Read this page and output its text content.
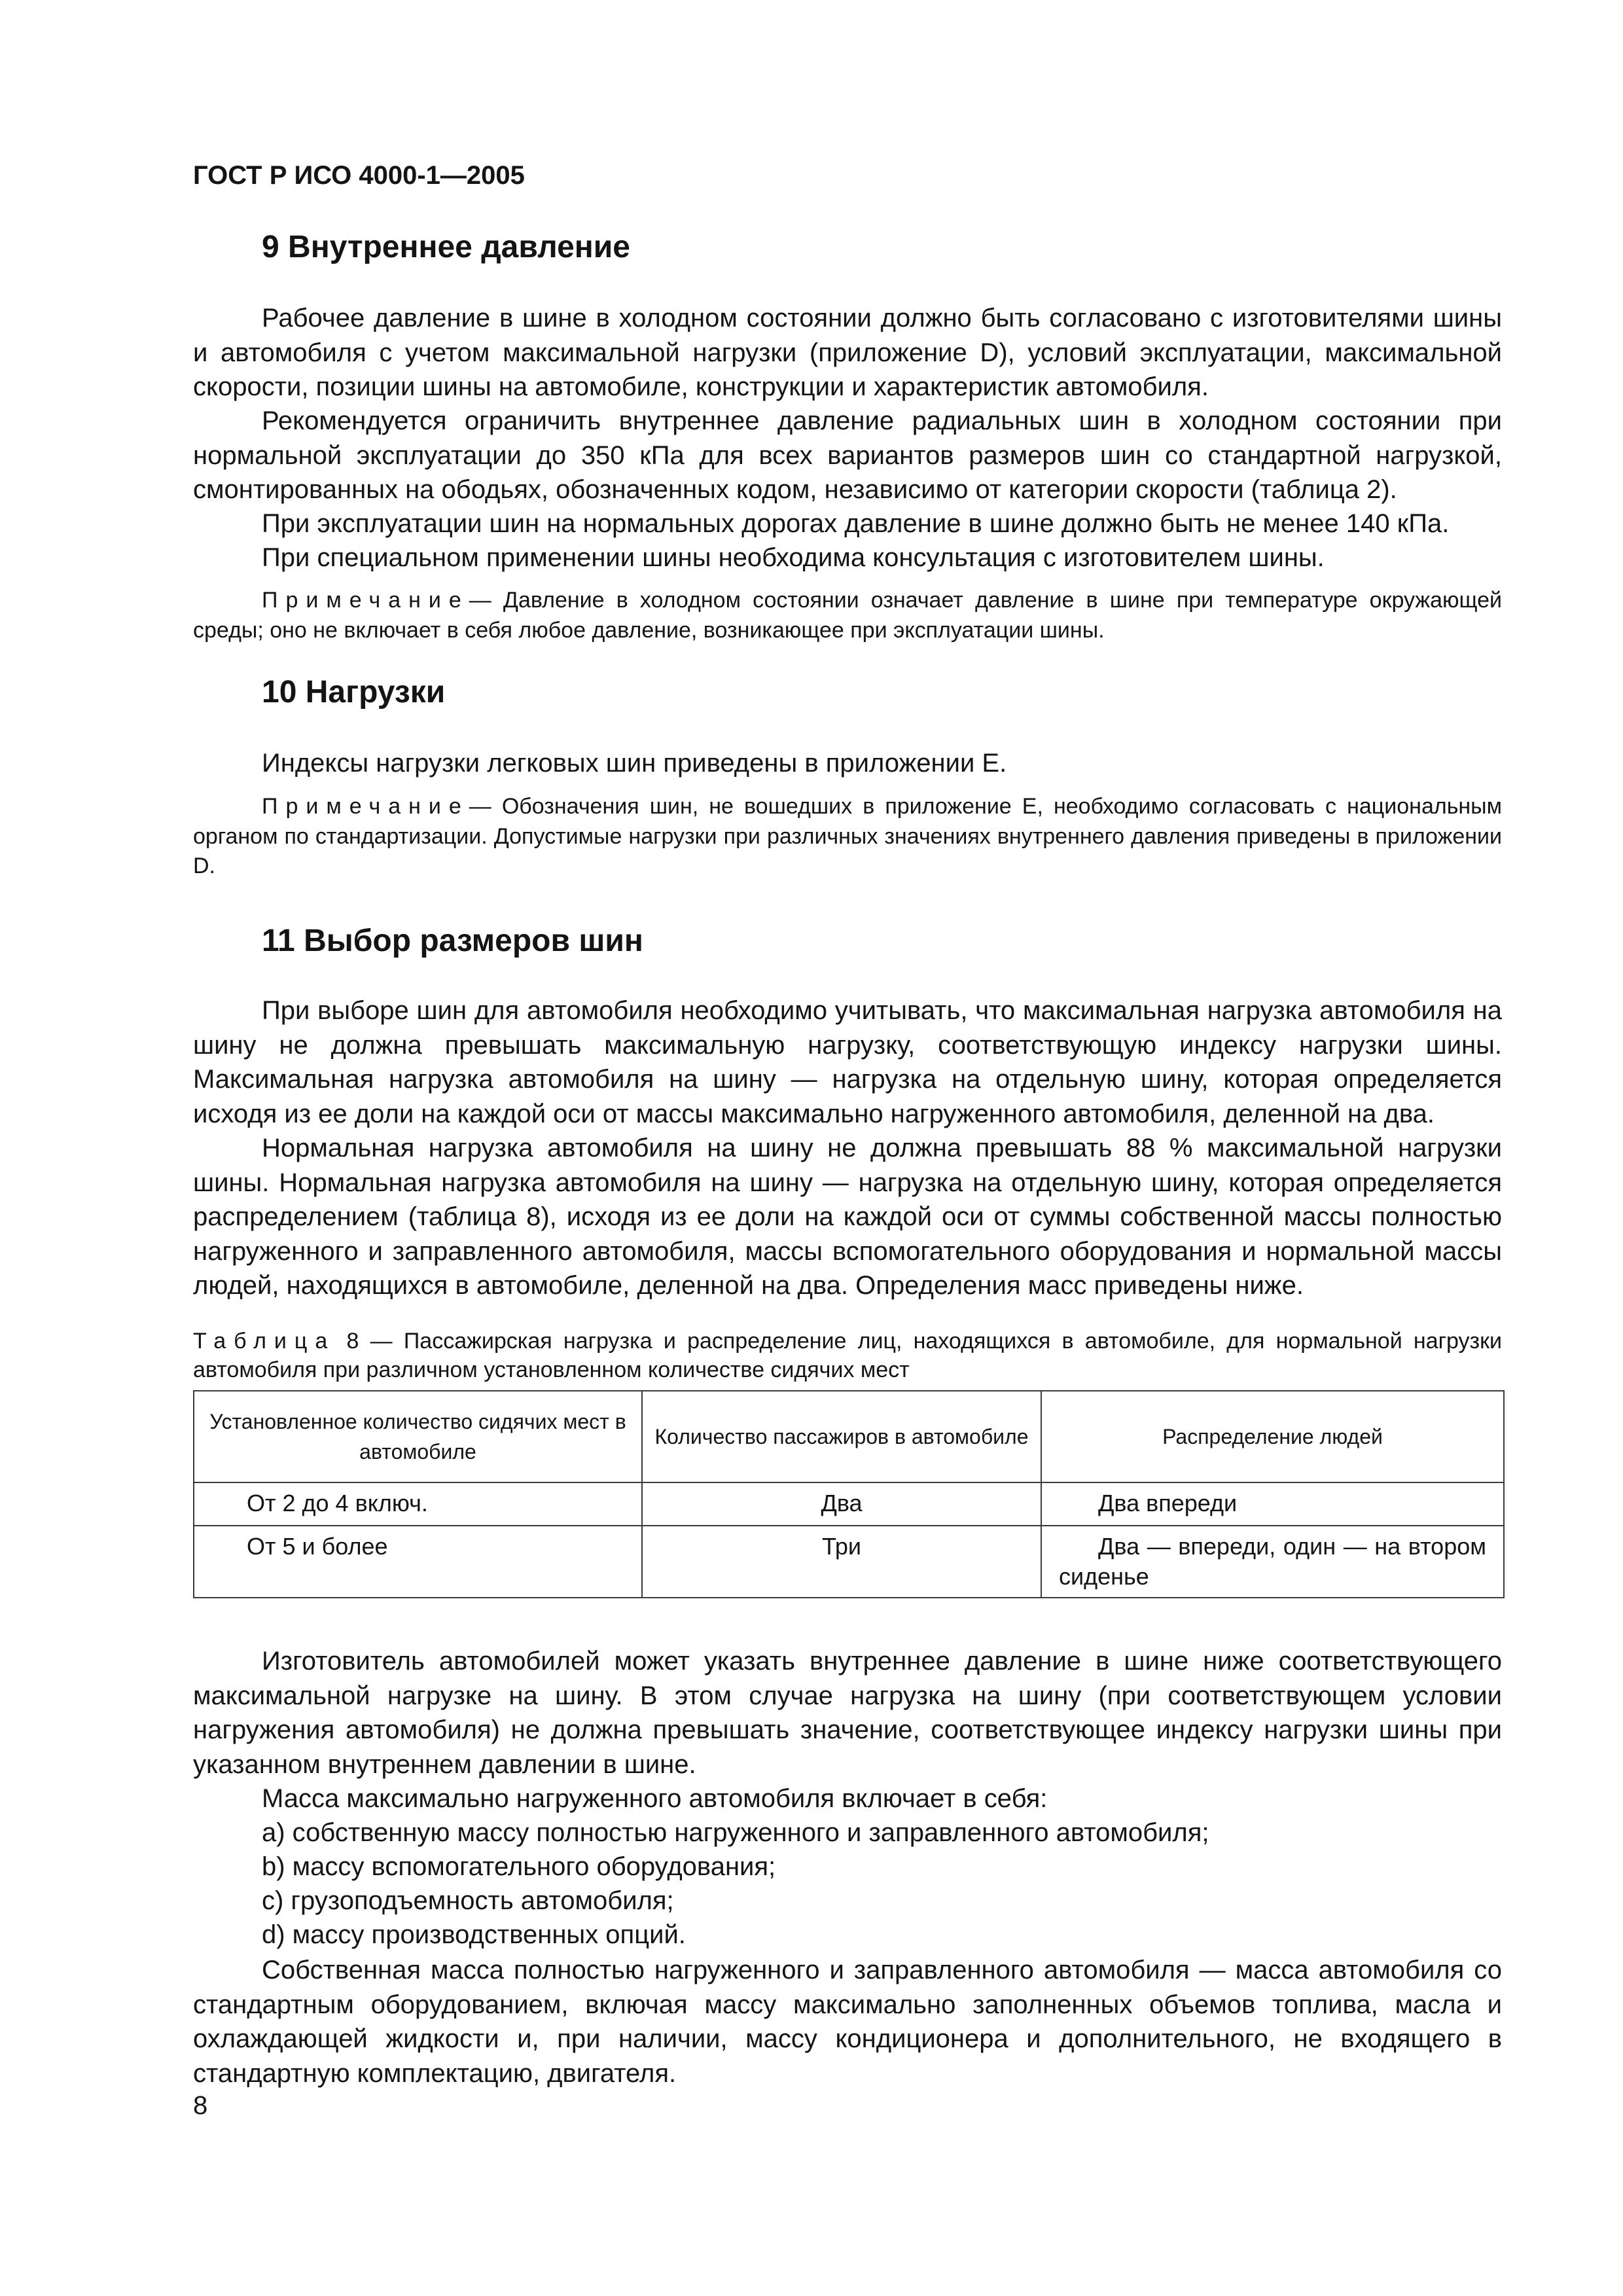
ГОСТ Р ИСО 4000-1—2005
9 Внутреннее давление

Рабочее давление в шине в холодном состоянии должно быть согласовано с изготовителями шины и автомобиля с учетом максимальной нагрузки (приложение D), условий эксплуатации, максимальной скорости, позиции шины на автомобиле, конструкции и характеристик автомобиля.

Рекомендуется ограничить внутреннее давление радиальных шин в холодном состоянии при нормальной эксплуатации до 350 кПа для всех вариантов размеров шин со стандартной нагрузкой, смонтированных на ободьях, обозначенных кодом, независимо от категории скорости (таблица 2).

При эксплуатации шин на нормальных дорогах давление в шине должно быть не менее 140 кПа.

При специальном применении шины необходима консультация с изготовителем шины.

Примечание— Давление в холодном состоянии означает давление в шине при температуре окружающей среды; оно не включает в себя любое давление, возникающее при эксплуатации шины.

10 Нагрузки

Индексы нагрузки легковых шин приведены в приложении Е.

Примечание— Обозначения шин, не вошедших в приложение Е, необходимо согласовать с национальным органом по стандартизации. Допустимые нагрузки при различных значениях внутреннего давления приведены в приложении D.

11 Выбор размеров шин

При выборе шин для автомобиля необходимо учитывать, что максимальная нагрузка автомобиля на шину не должна превышать максимальную нагрузку, соответствующую индексу нагрузки шины. Максимальная нагрузка автомобиля на шину — нагрузка на отдельную шину, которая определяется исходя из ее доли на каждой оси от массы максимально нагруженного автомобиля, деленной на два.

Нормальная нагрузка автомобиля на шину не должна превышать 88 % максимальной нагрузки шины. Нормальная нагрузка автомобиля на шину — нагрузка на отдельную шину, которая определяется распределением (таблица 8), исходя из ее доли на каждой оси от суммы собственной массы полностью нагруженного и заправленного автомобиля, массы вспомогательного оборудования и нормальной массы людей, находящихся в автомобиле, деленной на два. Определения масс приведены ниже.

Таблица 8 — Пассажирская нагрузка и распределение лиц, находящихся в автомобиле, для нормальной нагрузки автомобиля при различном установленном количестве сидячих мест

Установленное количество сидячих мест в автомобиле	Количество пассажиров в автомобиле	Распределение людей
От 2 до 4 включ.	Два	Два впереди

От 5 и более	Три	Два — впереди, один — на втором сиденье

Изготовитель автомобилей может указать внутреннее давление в шине ниже соответствующего максимальной нагрузке на шину. В этом случае нагрузка на шину (при соответствующем условии нагружения автомобиля) не должна превышать значение, соответствующее индексу нагрузки шины при указанном внутреннем давлении в шине.

Масса максимально нагруженного автомобиля включает в себя:

a) собственную массу полностью нагруженного и заправленного автомобиля;

b) массу вспомогательного оборудования;

c) грузоподъемность автомобиля;

d) массу производственных опций.

Собственная масса полностью нагруженного и заправленного автомобиля — масса автомобиля со стандартным оборудованием, включая массу максимально заполненных объемов топлива, масла и охлаждающей жидкости и, при наличии, массу кондиционера и дополнительного, не входящего в стандартную комплектацию, двигателя.

8
